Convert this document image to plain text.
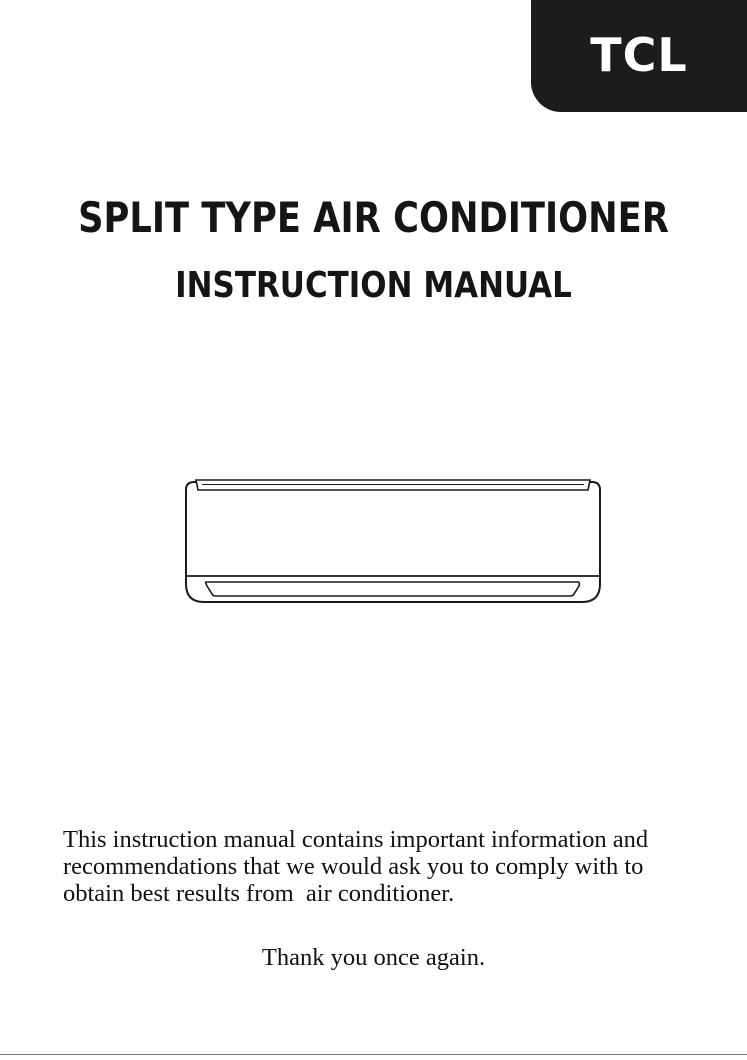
TCL
SPLIT TYPE AIR CONDITIONER
INSTRUCTION MANUAL
This instruction manual contains important information and
recommendations that we would ask you to comply with to
obtain best results from  air conditioner.
Thank you once again.
